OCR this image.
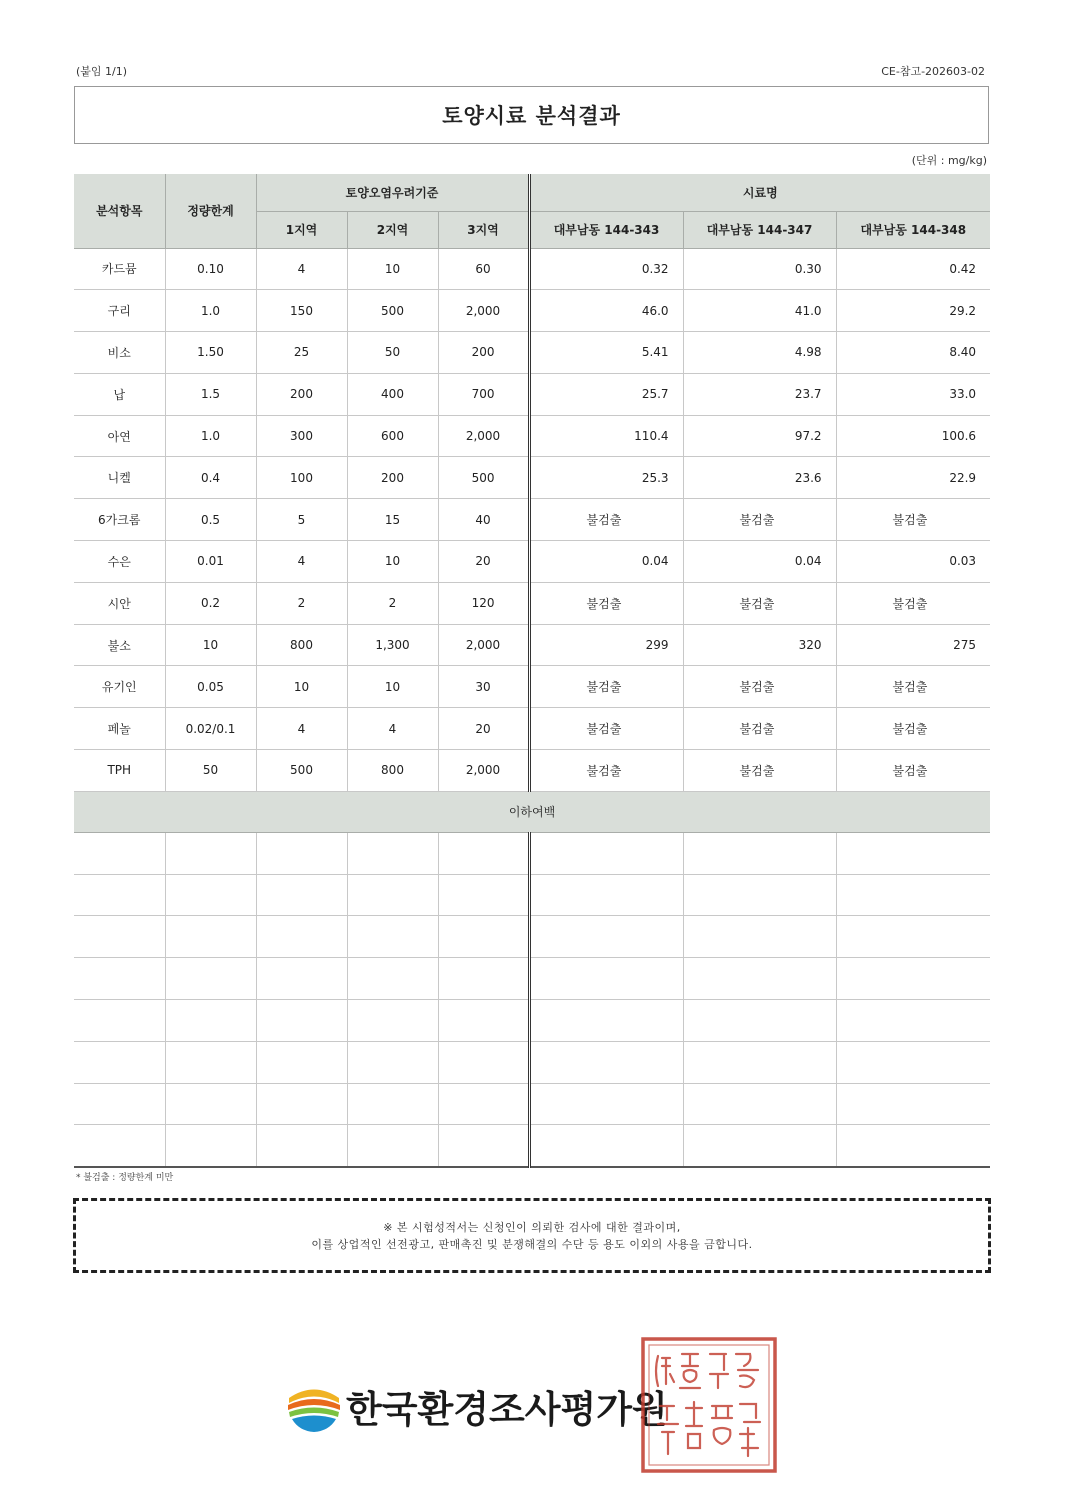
(붙임 1/1)	CE-참고-202603-02
토양시료 분석결과
(단위 : mg/kg)
분석항목	정량한계	토양오염우려기준			시료명		
		1지역	2지역	3지역	대부남동 144-343	대부남동 144-347	대부남동 144-348
카드뮴	0.10	4	10	60	0.32	0.30	0.42
구리	1.0	150	500	2,000	46.0	41.0	29.2
비소	1.50	25	50	200	5.41	4.98	8.40
납	1.5	200	400	700	25.7	23.7	33.0
아연	1.0	300	600	2,000	110.4	97.2	100.6
니켈	0.4	100	200	500	25.3	23.6	22.9
6가크롬	0.5	5	15	40	불검출	불검출	불검출
수은	0.01	4	10	20	0.04	0.04	0.03
시안	0.2	2	2	120	불검출	불검출	불검출
불소	10	800	1,300	2,000	299	320	275
유기인	0.05	10	10	30	불검출	불검출	불검출
페놀	0.02/0.1	4	4	20	불검출	불검출	불검출
TPH	50	500	800	2,000	불검출	불검출	불검출
이하여백							

* 불검출 : 정량한계 미만
※ 본 시험성적서는 신청인이 의뢰한 검사에 대한 결과이며,
이를 상업적인 선전광고, 판매촉진 및 분쟁해결의 수단 등 용도 이외의 사용을 금합니다.
한국환경조사평가원
